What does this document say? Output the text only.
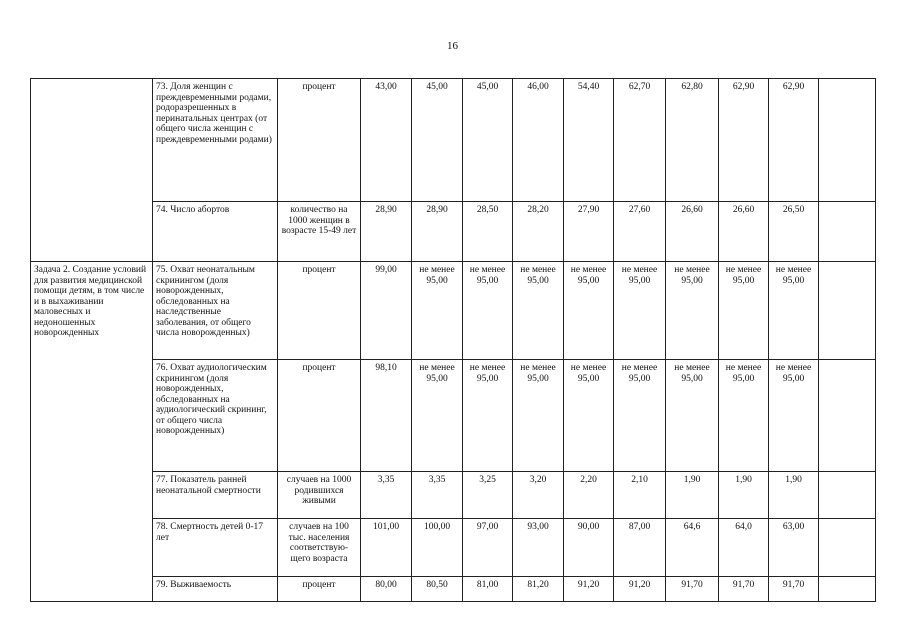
16
	73. Доля женщин с преждевременными родами, родоразрешенных в перинатальных центрах (от общего числа женщин с преждевременными родами)	процент	43,00	45,00	45,00	46,00	54,40	62,70	62,80	62,90	62,90	
	74. Число абортов	количество на 1000 женщин в возрасте 15-49 лет	28,90	28,90	28,50	28,20	27,90	27,60	26,60	26,60	26,50	
Задача 2. Создание условий для развития медицинской помощи детям, в том числе и в выхаживании маловесных и недоношенных новорожденных	75. Охват неонатальным скринингом (доля новорожденных, обследованных на наследственные заболевания, от общего числа новорожденных)	процент	99,00	не менее 95,00	не менее 95,00	не менее 95,00	не менее 95,00	не менее 95,00	не менее 95,00	не менее 95,00	не менее 95,00	
	76. Охват аудиологическим скринингом (доля новорожденных, обследованных на аудиологический скрининг, от общего числа новорожденных)	процент	98,10	не менее 95,00	не менее 95,00	не менее 95,00	не менее 95,00	не менее 95,00	не менее 95,00	не менее 95,00	не менее 95,00	
	77. Показатель ранней неонатальной смертности	случаев на 1000 родившихся живыми	3,35	3,35	3,25	3,20	2,20	2,10	1,90	1,90	1,90	
	78. Смертность детей 0-17 лет	случаев на 100 тыс. населения соответствую-щего возраста	101,00	100,00	97,00	93,00	90,00	87,00	64,6	64,0	63,00	
	79. Выживаемость	процент	80,00	80,50	81,00	81,20	91,20	91,20	91,70	91,70	91,70	
